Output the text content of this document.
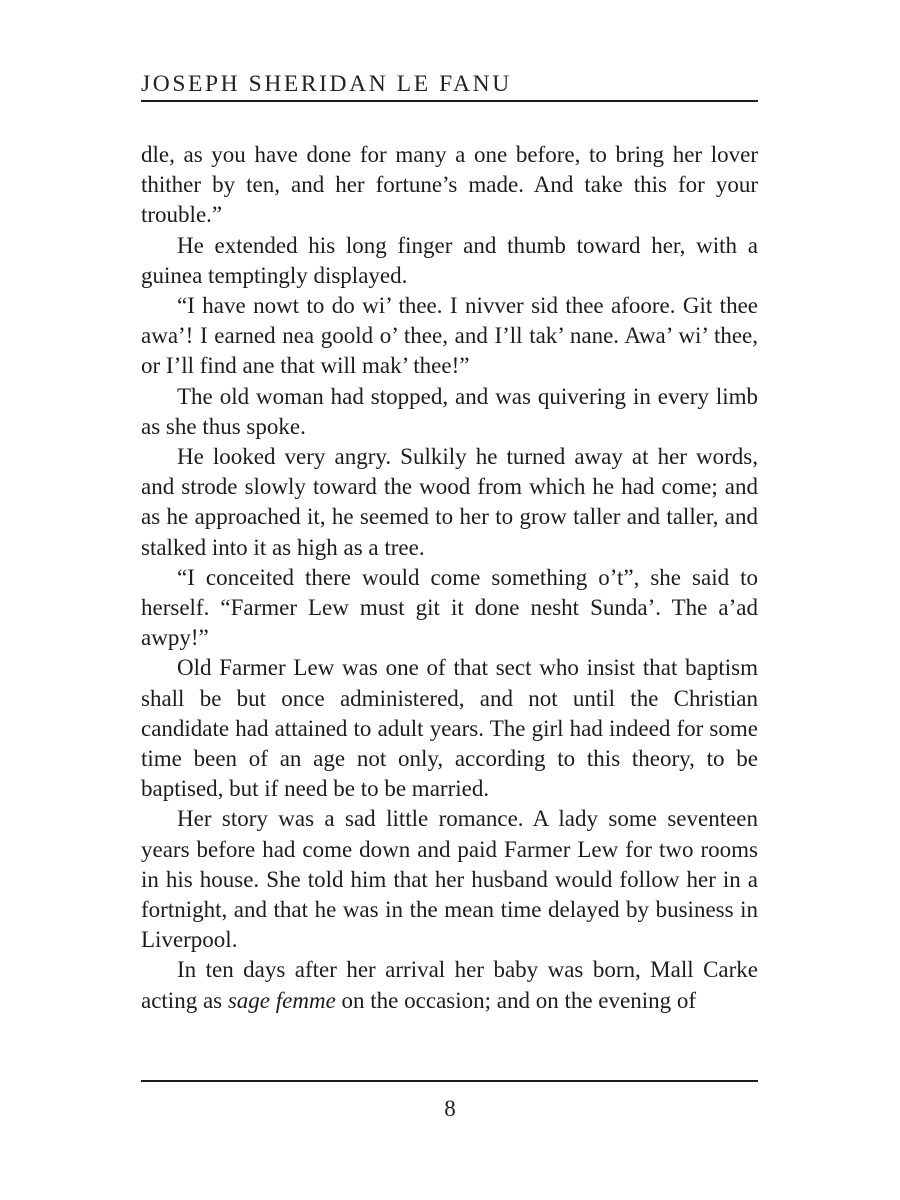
JOSEPH SHERIDAN LE FANU

dle, as you have done for many a one before, to bring her lover thither by ten, and her fortune’s made. And take this for your trouble.”

He extended his long finger and thumb toward her, with a guinea temptingly displayed.

“I have nowt to do wi’ thee. I nivver sid thee afoore. Git thee awa’! I earned nea goold o’ thee, and I’ll tak’ nane. Awa’ wi’ thee, or I’ll find ane that will mak’ thee!”

The old woman had stopped, and was quivering in every limb as she thus spoke.

He looked very angry. Sulkily he turned away at her words, and strode slowly toward the wood from which he had come; and as he approached it, he seemed to her to grow taller and taller, and stalked into it as high as a tree.

“I conceited there would come something o’t”, she said to herself. “Farmer Lew must git it done nesht Sunda’. The a’ad awpy!”

Old Farmer Lew was one of that sect who insist that baptism shall be but once administered, and not until the Christian candidate had attained to adult years. The girl had indeed for some time been of an age not only, according to this theory, to be baptised, but if need be to be married.

Her story was a sad little romance. A lady some seventeen years before had come down and paid Farmer Lew for two rooms in his house. She told him that her husband would follow her in a fortnight, and that he was in the mean time delayed by business in Liverpool.

In ten days after her arrival her baby was born, Mall Carke acting as sage femme on the occasion; and on the evening of

8
